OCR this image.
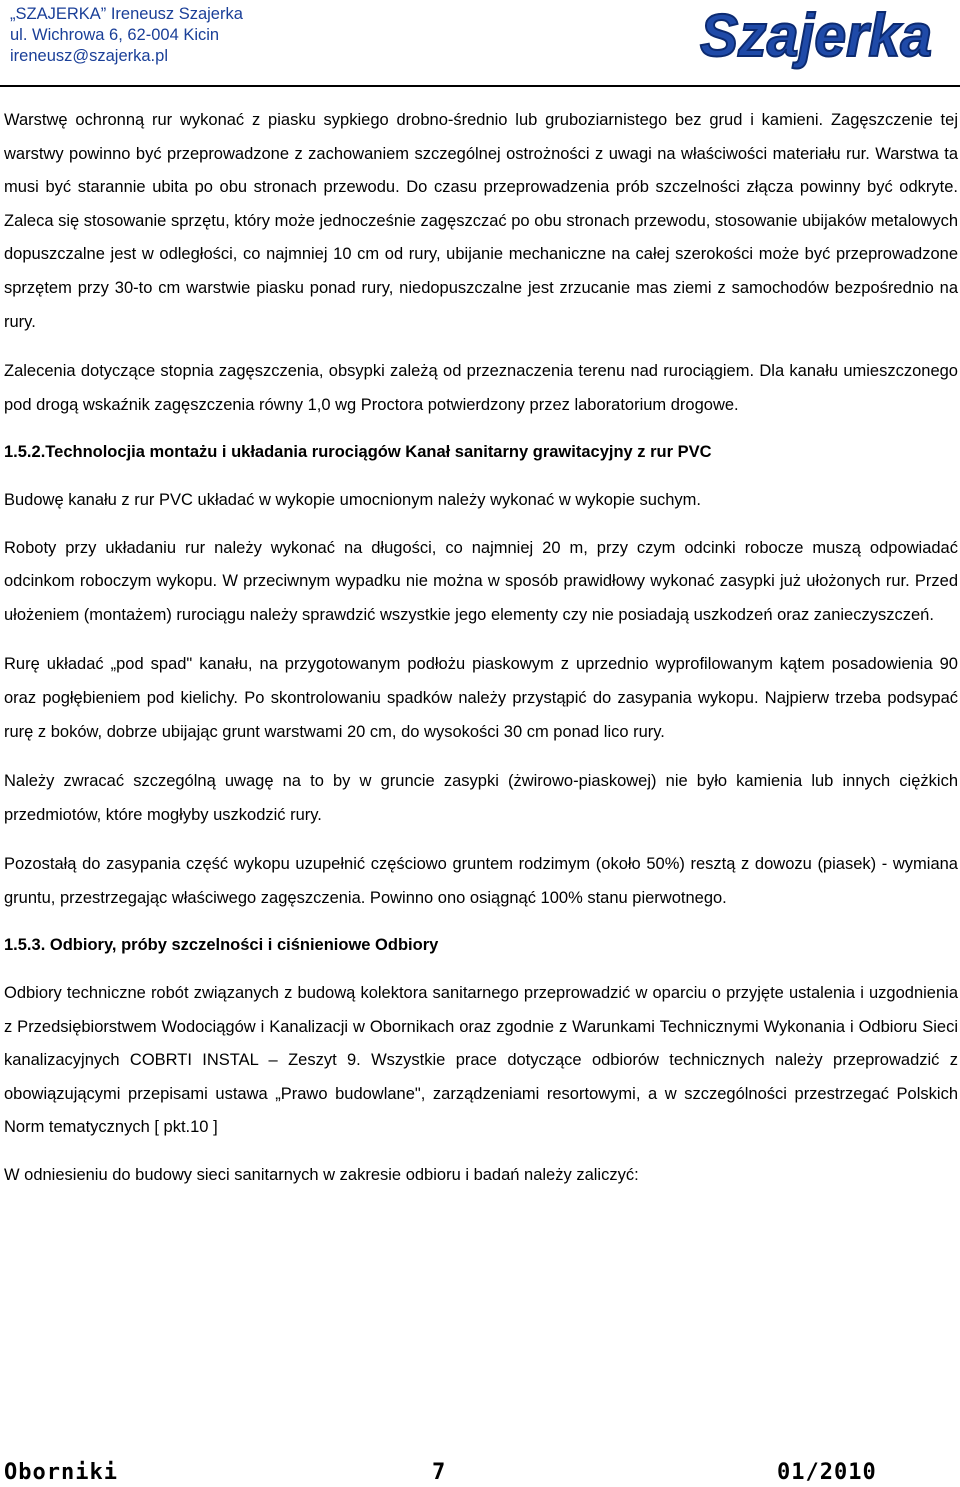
„SZAJERKA” Ireneusz Szajerka
ul. Wichrowa 6, 62-004 Kicin
ireneusz@szajerka.pl	Szajerka

Warstwę ochronną rur wykonać z piasku sypkiego drobno-średnio lub gruboziarnistego bez grud i kamieni. Zagęszczenie tej warstwy powinno być przeprowadzone z zachowaniem szczególnej ostrożności z uwagi na właściwości materiału rur. Warstwa ta musi być starannie ubita po obu stronach przewodu. Do czasu przeprowadzenia prób szczelności złącza powinny być odkryte. Zaleca się stosowanie sprzętu, który może jednocześnie zagęszczać po obu stronach przewodu, stosowanie ubijaków metalowych dopuszczalne jest w odległości, co najmniej 10 cm od rury, ubijanie mechaniczne na całej szerokości może być przeprowadzone sprzętem przy 30-to cm warstwie piasku ponad rury, niedopuszczalne jest zrzucanie mas ziemi z samochodów bezpośrednio na rury.

Zalecenia dotyczące stopnia zagęszczenia, obsypki zależą od przeznaczenia terenu nad rurociągiem. Dla kanału umieszczonego pod drogą wskaźnik zagęszczenia równy 1,0 wg Proctora potwierdzony przez laboratorium drogowe.

1.5.2.Technolocjia montażu i układania rurociągów Kanał sanitarny grawitacyjny z rur PVC

Budowę kanału z rur PVC układać w wykopie umocnionym należy wykonać w wykopie suchym.

Roboty przy układaniu rur należy wykonać na długości, co najmniej 20 m, przy czym odcinki robocze muszą odpowiadać odcinkom roboczym wykopu. W przeciwnym wypadku nie można w sposób prawidłowy wykonać zasypki już ułożonych rur. Przed ułożeniem (montażem) rurociągu należy sprawdzić wszystkie jego elementy czy nie posiadają uszkodzeń oraz zanieczyszczeń.

Rurę układać „pod spad" kanału, na przygotowanym podłożu piaskowym z uprzednio wyprofilowanym kątem posadowienia 90 oraz pogłębieniem pod kielichy. Po skontrolowaniu spadków należy przystąpić do zasypania wykopu. Najpierw trzeba podsypać rurę z boków, dobrze ubijając grunt warstwami 20 cm, do wysokości 30 cm ponad lico rury.

Należy zwracać szczególną uwagę na to by w gruncie zasypki (żwirowo-piaskowej) nie było kamienia lub innych ciężkich przedmiotów, które mogłyby uszkodzić rury.

Pozostałą do zasypania część wykopu uzupełnić częściowo gruntem rodzimym (około 50%) resztą z dowozu (piasek) - wymiana gruntu, przestrzegając właściwego zagęszczenia. Powinno ono osiągnąć 100% stanu pierwotnego.

1.5.3. Odbiory, próby szczelności i ciśnieniowe Odbiory

Odbiory techniczne robót związanych z budową kolektora sanitarnego przeprowadzić w oparciu o przyjęte ustalenia i uzgodnienia z Przedsiębiorstwem Wodociągów i Kanalizacji w Obornikach oraz zgodnie z Warunkami Technicznymi Wykonania i Odbioru Sieci kanalizacyjnych COBRTI INSTAL – Zeszyt 9. Wszystkie prace dotyczące odbiorów technicznych należy przeprowadzić z obowiązującymi przepisami ustawa „Prawo budowlane", zarządzeniami resortowymi, a w szczególności przestrzegać Polskich Norm tematycznych [ pkt.10 ]

W odniesieniu do budowy sieci sanitarnych w zakresie odbioru i badań należy zaliczyć:

Oborniki	7	01/2010
